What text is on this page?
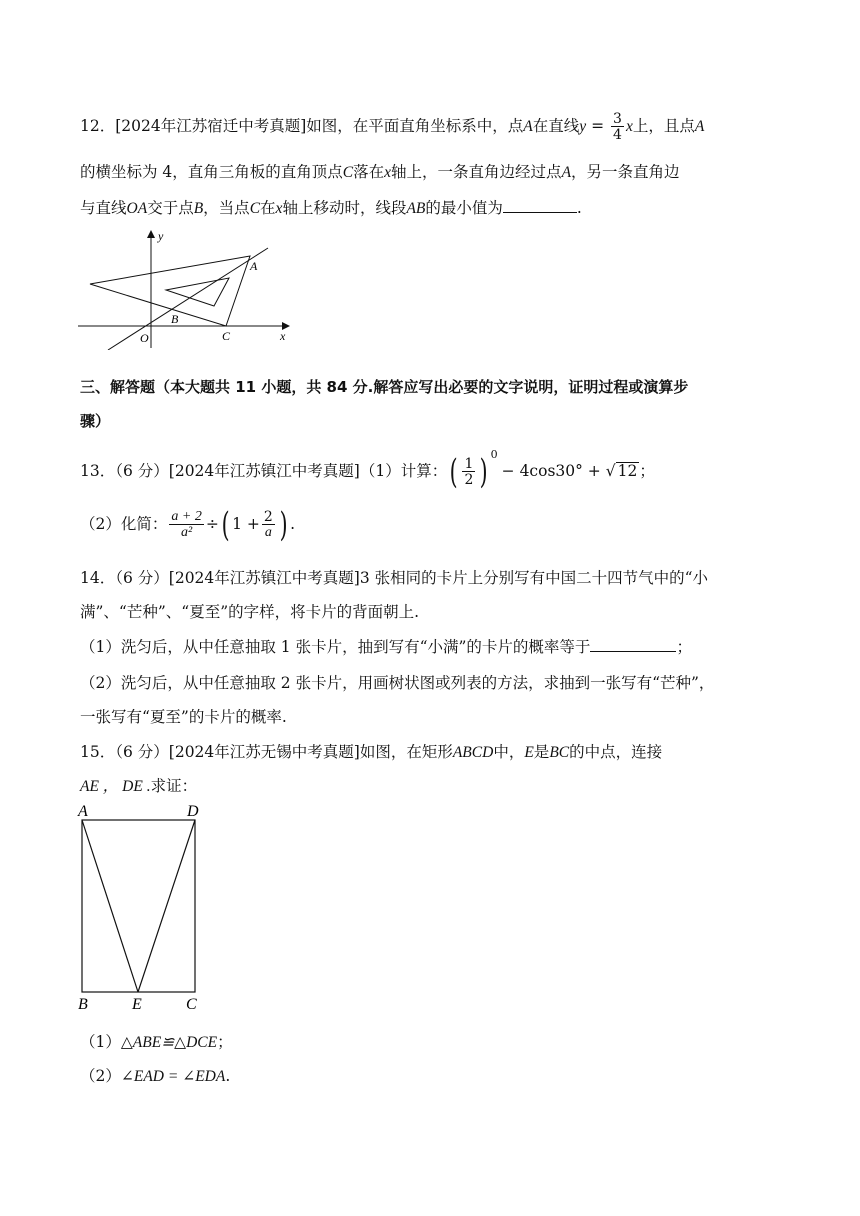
12．[2024年江苏宿迁中考真题]如图，在平面直角坐标系中，点A在直线$y = \frac{3}{4}$ x上，且点A
的横坐标为 4，直角三角板的直角顶点C落在x轴上，一条直角边经过点A，另一条直角边
与直线OA交于点B，当点C在x轴上移动时，线段AB的最小值为	.
y
x
O
A
B
C
三、解答题（本大题共 11 小题，共 84 分.解答应写出必要的文字说明，证明过程或演算步
骤）
13．（6 分）[2024年江苏镇江中考真题]（1）计算：( $\frac{1}{2}$ ) $^0$− 4cos30° + √ 12 ；
（2）化简： $\frac{a + 2}{\text{a²}}$ ÷( $1 + \frac{2}{a}$ ) .
14．（6 分）[2024年江苏镇江中考真题]3 张相同的卡片上分别写有中国二十四节气中的“小
满”、“芒种”、“夏至”的字样，将卡片的背面朝上.
（1）洗匀后，从中任意抽取 1 张卡片，抽到写有“小满”的卡片的概率等于	；
（2）洗匀后，从中任意抽取 2 张卡片，用画树状图或列表的方法，求抽到一张写有“芒种”，
一张写有“夏至”的卡片的概率.
15．（6 分）[2024年江苏无锡中考真题]如图，在矩形ABCD中，E是BC的中点，连接
AE ， DE .求证：
A	D
B	E	C
（1）△ABE≌△DCE；
（2）∠EAD = ∠EDA.
